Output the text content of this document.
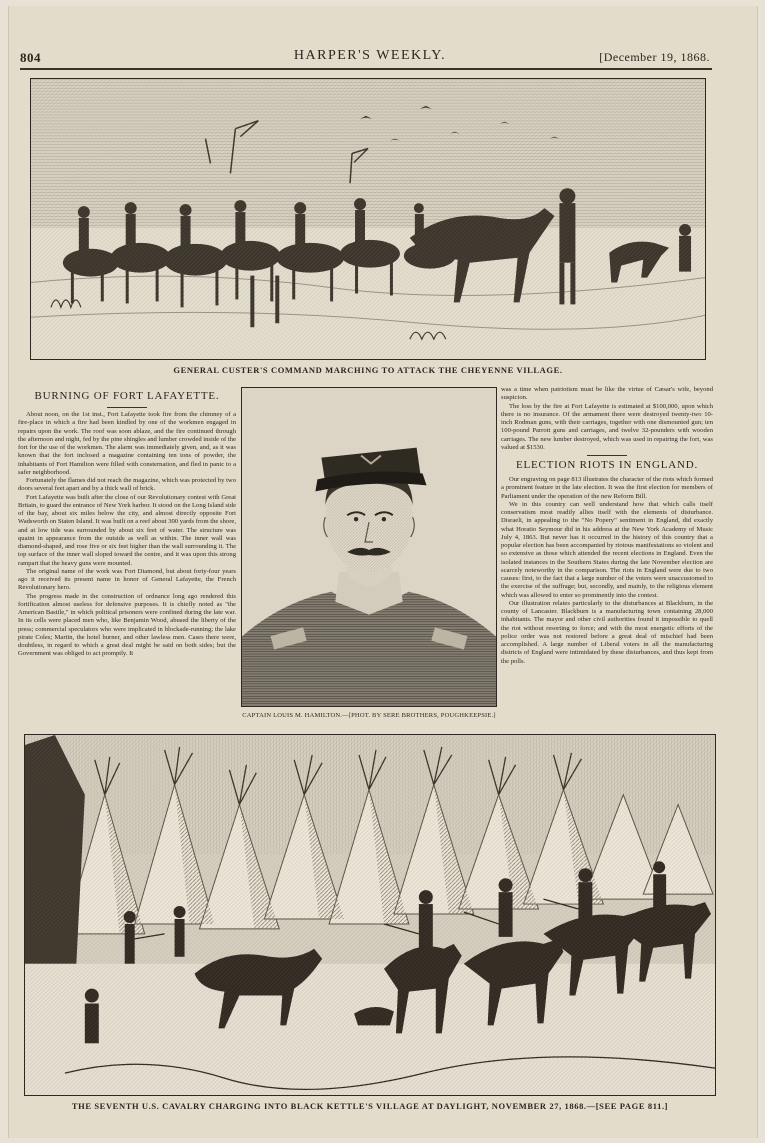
804	HARPER'S WEEKLY.	[December 19, 1868.
GENERAL CUSTER'S COMMAND MARCHING TO ATTACK THE CHEYENNE VILLAGE.
BURNING OF FORT LAFAYETTE.

About noon, on the 1st inst., Fort Lafayette took fire from the chimney of a fire-place in which a fire had been kindled by one of the workmen engaged in repairs upon the work. The roof was soon ablaze, and the fire continued through the afternoon and night, fed by the pine shingles and lumber crowded inside of the fort for the use of the workmen. The alarm was immediately given, and, as it was known that the fort inclosed a magazine containing ten tons of powder, the inhabitants of Fort Hamilton were filled with consternation, and fled in panic to a safer neighborhood.

Fortunately the flames did not reach the magazine, which was protected by two doors several feet apart and by a thick wall of brick.

Fort Lafayette was built after the close of our Revolutionary contest with Great Britain, to guard the entrance of New York harbor. It stood on the Long Island side of the bay, about six miles below the city, and almost directly opposite Fort Wadsworth on Staten Island. It was built on a reef about 300 yards from the shore, and at low tide was surrounded by about six feet of water. The structure was quaint in appearance from the outside as well as within. The inner wall was diamond-shaped, and rose five or six feet higher than the wall surrounding it. The top surface of the inner wall sloped toward the centre, and it was upon this strong rampart that the heavy guns were mounted.

The original name of the work was Fort Diamond, but about forty-four years ago it received its present name in honor of General Lafayette, the French Revolutionary hero.

The progress made in the construction of ordnance long ago rendered this fortification almost useless for defensive purposes. It is chiefly noted as "the American Bastile," in which political prisoners were confined during the late war. In its cells were placed men who, like Benjamin Wood, abused the liberty of the press; commercial speculators who were implicated in blockade-running; the lake pirate Coles; Martin, the hotel burner, and other lawless men. Cases there were, doubtless, in regard to which a great deal might be said on both sides; but the Government was obliged to act promptly. It

CAPTAIN LOUIS M. HAMILTON.—[PHOT. BY SERE BROTHERS, POUGHKEEPSIE.]

was a time when patriotism must be like the virtue of Cæsar's wife, beyond suspicion.

The loss by the fire at Fort Lafayette is estimated at $100,000, upon which there is no insurance. Of the armament there were destroyed twenty-two 10-inch Rodman guns, with their carriages, together with one dismounted gun; ten 100-pound Parrott guns and carriages, and twelve 32-pounders with wooden carriages. The new lumber destroyed, which was used in repairing the fort, was valued at $1530.

ELECTION RIOTS IN ENGLAND.

Our engraving on page 813 illustrates the character of the riots which formed a prominent feature in the late election. It was the first election for members of Parliament under the operation of the new Reform Bill.

We in this country can well understand how that which calls itself conservatism most readily allies itself with the elements of disturbance. Disraeli, in appealing to the "No Popery" sentiment in England, did exactly what Horatio Seymour did in his address at the New York Academy of Music July 4, 1863. But never has it occurred in the history of this country that a popular election has been accompanied by riotous manifestations so violent and so extensive as those which attended the recent elections in England. Even the isolated instances in the Southern States during the late November election are scarcely noteworthy in the comparison. The riots in England were due to two causes: first, to the fact that a large number of the voters were unaccustomed to the exercise of the suffrage; but, secondly, and mainly, to the religious element which was allowed to enter so prominently into the contest.

Our illustration relates particularly to the disturbances at Blackburn, in the county of Lancaster. Blackburn is a manufacturing town containing 28,000 inhabitants. The mayor and other civil authorities found it impossible to quell the riot without resorting to force; and with the most energetic efforts of the police order was not restored before a great deal of mischief had been accomplished. A large number of Liberal voters in all the manufacturing districts of England were intimidated by these disturbances, and thus kept from the polls.

THE SEVENTH U.S. CAVALRY CHARGING INTO BLACK KETTLE'S VILLAGE AT DAYLIGHT, NOVEMBER 27, 1868.—[SEE PAGE 811.]
